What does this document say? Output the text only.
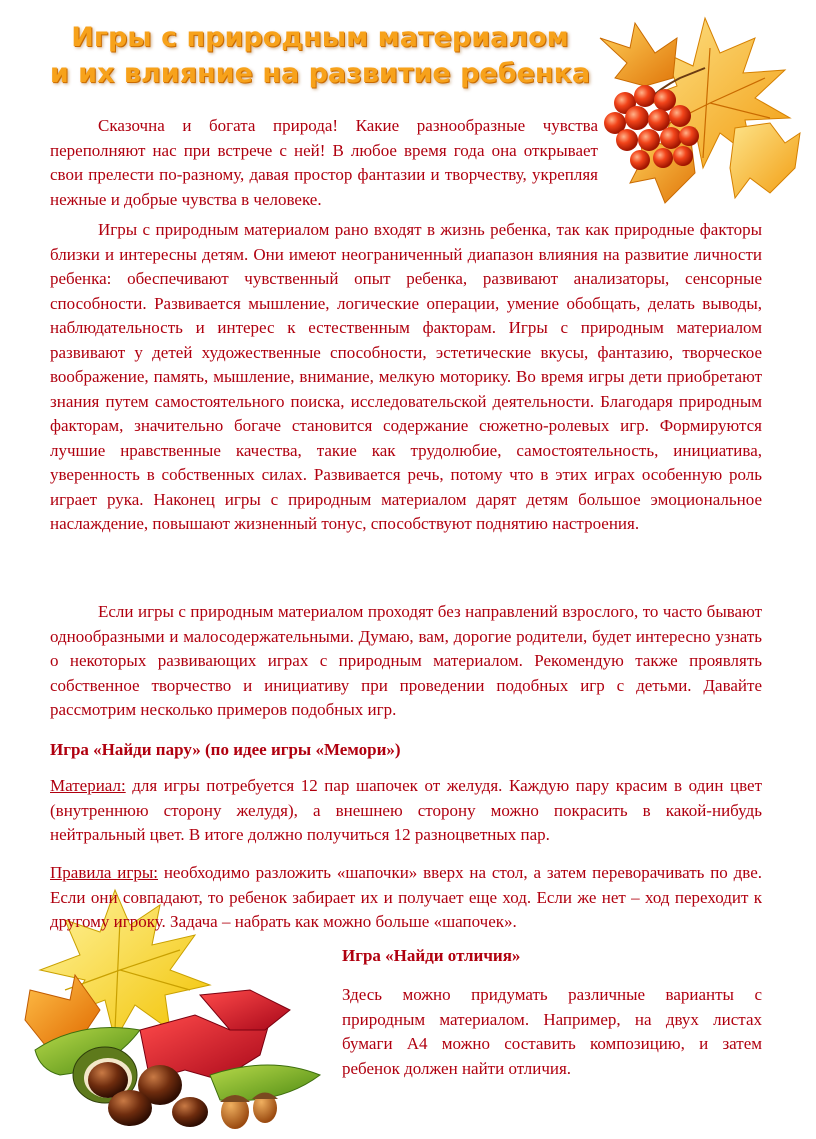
Игры с природным материалом
и их влияние на развитие ребенка

Сказочна и богата природа! Какие разнообразные чувства переполняют нас при встрече с ней! В любое время года она открывает свои прелести по-разному, давая простор фантазии и творчеству, укрепляя нежные и добрые чувства в человеке.

Игры с природным материалом рано входят в жизнь ребенка, так как природные факторы близки и интересны детям. Они имеют неограниченный диапазон влияния на развитие личности ребенка: обеспечивают чувственный опыт ребенка, развивают анализаторы, сенсорные способности. Развивается мышление, логические операции, умение обобщать, делать выводы, наблюдательность и интерес к естественным факторам. Игры с природным материалом развивают у детей художественные способности, эстетические вкусы, фантазию, творческое воображение, память, мышление, внимание, мелкую моторику. Во время игры дети приобретают знания путем самостоятельного поиска, исследовательской деятельности. Благодаря природным факторам, значительно богаче становится содержание сюжетно-ролевых игр. Формируются лучшие нравственные качества, такие как трудолюбие, самостоятельность, инициатива, уверенность в собственных силах. Развивается речь, потому что в этих играх особенную роль играет рука. Наконец игры с природным материалом дарят детям большое эмоциональное наслаждение, повышают жизненный тонус, способствуют поднятию настроения.

Если игры с природным материалом проходят без направлений взрослого, то часто бывают однообразными и малосодержательными. Думаю, вам, дорогие родители, будет интересно узнать о некоторых развивающих играх с природным материалом. Рекомендую также проявлять собственное творчество и инициативу при проведении подобных игр с детьми. Давайте рассмотрим несколько примеров подобных игр.

Игра «Найди пару» (по идее игры «Мемори»)

Материал: для игры потребуется 12 пар шапочек от желудя. Каждую пару красим в один цвет (внутреннюю сторону желудя), а внешнею сторону можно покрасить в какой-нибудь нейтральный цвет. В итоге должно получиться 12 разноцветных пар.

Правила игры: необходимо разложить «шапочки» вверх на стол, а затем переворачивать по две. Если они совпадают, то ребенок забирает их и получает еще ход. Если же нет – ход переходит к другому игроку. Задача – набрать как можно больше «шапочек».

Игра «Найди отличия»

Здесь можно придумать различные варианты с природным материалом. Например, на двух листах бумаги А4 можно составить композицию, и затем ребенок должен найти отличия.
